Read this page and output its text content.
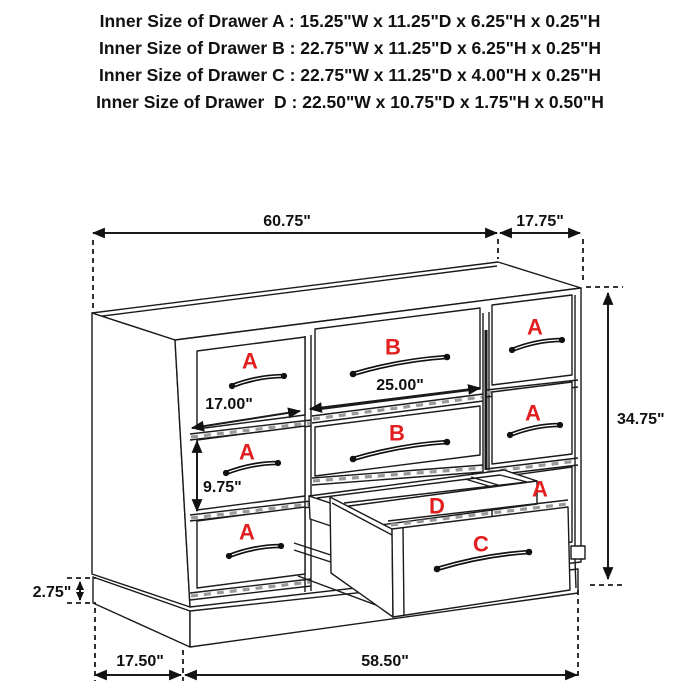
Inner Size of Drawer A : 15.25"W x 11.25"D x 6.25"H x 0.25"H
Inner Size of Drawer B : 22.75"W x 11.25"D x 6.25"H x 0.25"H
Inner Size of Drawer C : 22.75"W x 11.25"D x 4.00"H x 0.25"H
Inner Size of Drawer  D : 22.50"W x 10.75"D x 1.75"H x 0.50"H
A
A
A
A
A
A
B
B
D
C
60.75"	17.75"
34.75"
17.00"
25.00"
9.75"
2.75"
17.50"	58.50"
